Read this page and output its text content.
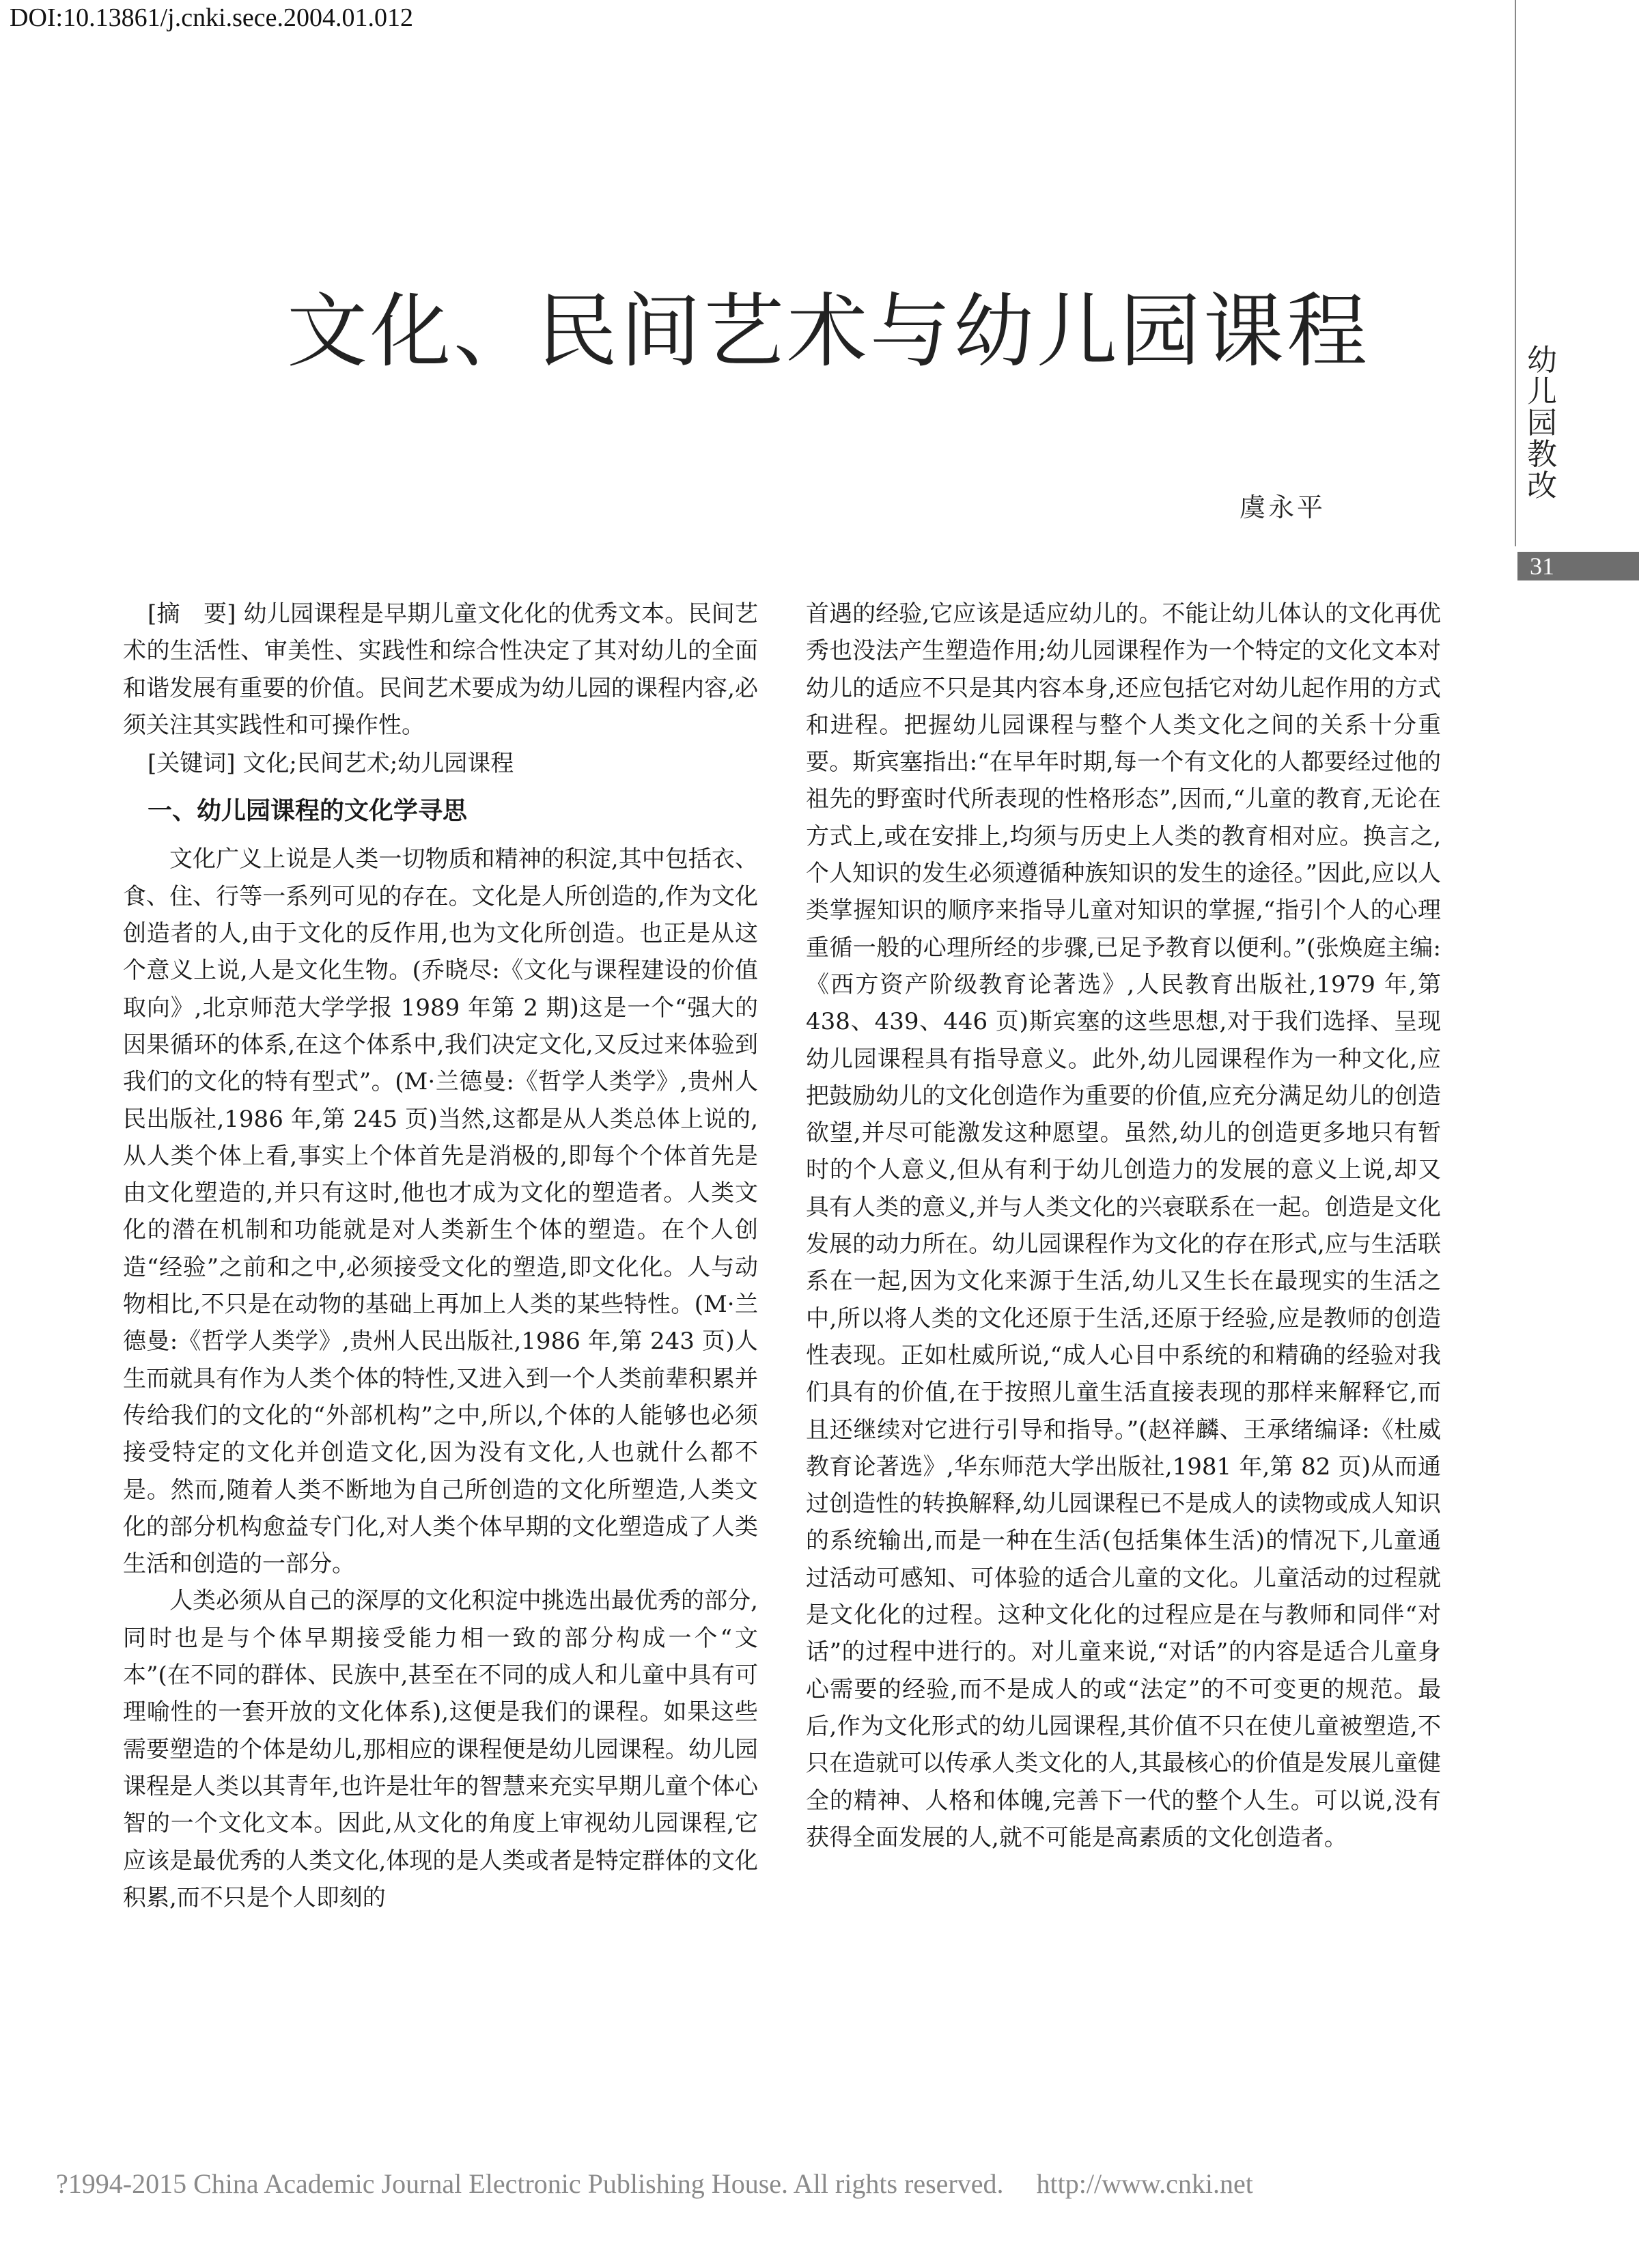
DOI:10.13861/j.cnki.sece.2004.01.012
幼
儿
园
教
改
31
文化、民间艺术与幼儿园课程
虞永平

[摘　要] 幼儿园课程是早期儿童文化化的优秀文本。民间艺术的生活性、审美性、实践性和综合性决定了其对幼儿的全面和谐发展有重要的价值。民间艺术要成为幼儿园的课程内容,必须关注其实践性和可操作性。

[关键词] 文化;民间艺术;幼儿园课程

一、幼儿园课程的文化学寻思

文化广义上说是人类一切物质和精神的积淀,其中包括衣、食、住、行等一系列可见的存在。文化是人所创造的,作为文化创造者的人,由于文化的反作用,也为文化所创造。也正是从这个意义上说,人是文化生物。(乔晓尽:《文化与课程建设的价值取向》,北京师范大学学报 1989 年第 2 期)这是一个“强大的因果循环的体系,在这个体系中,我们决定文化,又反过来体验到我们的文化的特有型式”。(M·兰德曼:《哲学人类学》,贵州人民出版社,1986 年,第 245 页)当然,这都是从人类总体上说的,从人类个体上看,事实上个体首先是消极的,即每个个体首先是由文化塑造的,并只有这时,他也才成为文化的塑造者。人类文化的潜在机制和功能就是对人类新生个体的塑造。在个人创造“经验”之前和之中,必须接受文化的塑造,即文化化。人与动物相比,不只是在动物的基础上再加上人类的某些特性。(M·兰德曼:《哲学人类学》,贵州人民出版社,1986 年,第 243 页)人生而就具有作为人类个体的特性,又进入到一个人类前辈积累并传给我们的文化的“外部机构”之中,所以,个体的人能够也必须接受特定的文化并创造文化,因为没有文化,人也就什么都不是。然而,随着人类不断地为自己所创造的文化所塑造,人类文化的部分机构愈益专门化,对人类个体早期的文化塑造成了人类生活和创造的一部分。

人类必须从自己的深厚的文化积淀中挑选出最优秀的部分,同时也是与个体早期接受能力相一致的部分构成一个“文本”(在不同的群体、民族中,甚至在不同的成人和儿童中具有可理喻性的一套开放的文化体系),这便是我们的课程。如果这些需要塑造的个体是幼儿,那相应的课程便是幼儿园课程。幼儿园课程是人类以其青年,也许是壮年的智慧来充实早期儿童个体心智的一个文化文本。因此,从文化的角度上审视幼儿园课程,它应该是最优秀的人类文化,体现的是人类或者是特定群体的文化积累,而不只是个人即刻的

首遇的经验,它应该是适应幼儿的。不能让幼儿体认的文化再优秀也没法产生塑造作用;幼儿园课程作为一个特定的文化文本对幼儿的适应不只是其内容本身,还应包括它对幼儿起作用的方式和进程。把握幼儿园课程与整个人类文化之间的关系十分重要。斯宾塞指出:“在早年时期,每一个有文化的人都要经过他的祖先的野蛮时代所表现的性格形态”,因而,“儿童的教育,无论在方式上,或在安排上,均须与历史上人类的教育相对应。换言之,个人知识的发生必须遵循种族知识的发生的途径。”因此,应以人类掌握知识的顺序来指导儿童对知识的掌握,“指引个人的心理重循一般的心理所经的步骤,已足予教育以便利。”(张焕庭主编:《西方资产阶级教育论著选》,人民教育出版社,1979 年,第 438、439、446 页)斯宾塞的这些思想,对于我们选择、呈现幼儿园课程具有指导意义。此外,幼儿园课程作为一种文化,应把鼓励幼儿的文化创造作为重要的价值,应充分满足幼儿的创造欲望,并尽可能激发这种愿望。虽然,幼儿的创造更多地只有暂时的个人意义,但从有利于幼儿创造力的发展的意义上说,却又具有人类的意义,并与人类文化的兴衰联系在一起。创造是文化发展的动力所在。幼儿园课程作为文化的存在形式,应与生活联系在一起,因为文化来源于生活,幼儿又生长在最现实的生活之中,所以将人类的文化还原于生活,还原于经验,应是教师的创造性表现。正如杜威所说,“成人心目中系统的和精确的经验对我们具有的价值,在于按照儿童生活直接表现的那样来解释它,而且还继续对它进行引导和指导。”(赵祥麟、王承绪编译:《杜威教育论著选》,华东师范大学出版社,1981 年,第 82 页)从而通过创造性的转换解释,幼儿园课程已不是成人的读物或成人知识的系统输出,而是一种在生活(包括集体生活)的情况下,儿童通过活动可感知、可体验的适合儿童的文化。儿童活动的过程就是文化化的过程。这种文化化的过程应是在与教师和同伴“对话”的过程中进行的。对儿童来说,“对话”的内容是适合儿童身心需要的经验,而不是成人的或“法定”的不可变更的规范。最后,作为文化形式的幼儿园课程,其价值不只在使儿童被塑造,不只在造就可以传承人类文化的人,其最核心的价值是发展儿童健全的精神、人格和体魄,完善下一代的整个人生。可以说,没有获得全面发展的人,就不可能是高素质的文化创造者。

?1994-2015 China Academic Journal Electronic Publishing House. All rights reserved. http://www.cnki.net
